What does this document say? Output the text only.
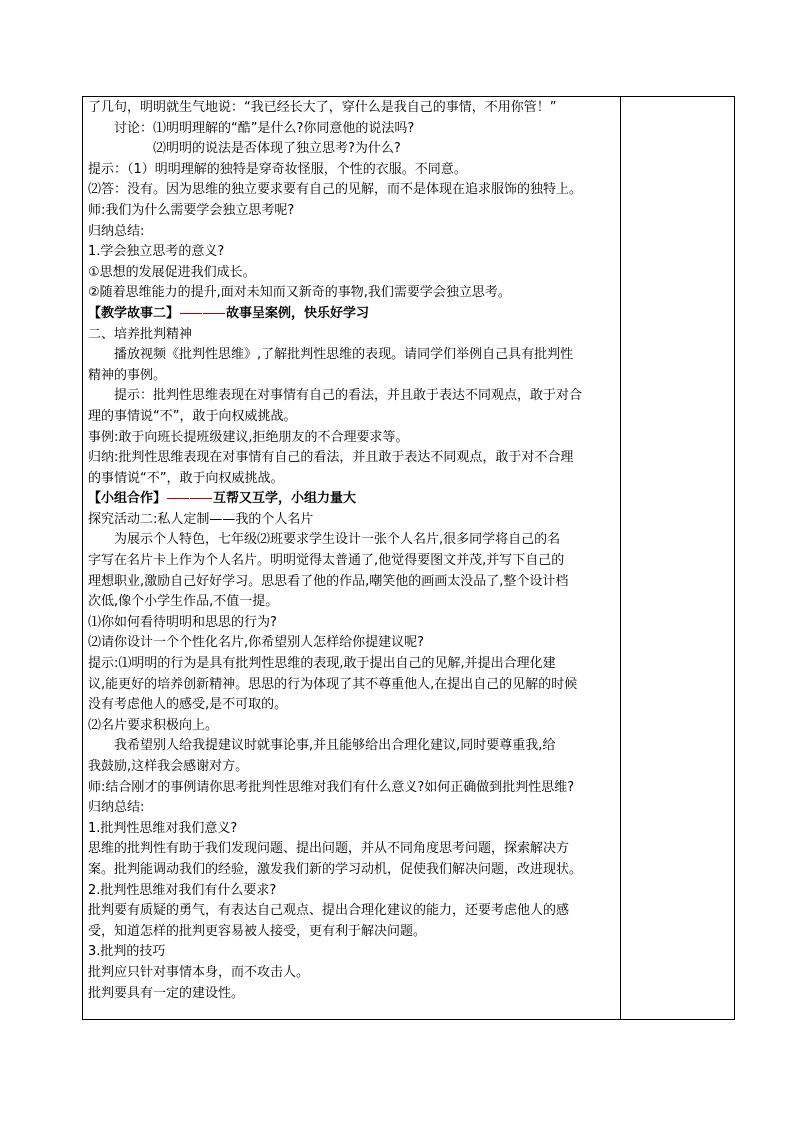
了几句，明明就生气地说：“我已经长大了，穿什么是我自己的事情，不用你管！”
讨论：⑴明明理解的“酷”是什么?你同意他的说法吗?
⑵明明的说法是否体现了独立思考?为什么?
提示：（1）明明理解的独特是穿奇妆怪服，个性的衣服。不同意。
⑵答：没有。因为思维的独立要求要有自己的见解，而不是体现在追求服饰的独特上。
师:我们为什么需要学会独立思考呢?
归纳总结:
1.学会独立思考的意义?
①思想的发展促进我们成长。
②随着思维能力的提升,面对未知而又新奇的事物,我们需要学会独立思考。
【教学故事二】	故事呈案例，快乐好学习
二、培养批判精神
播放视频《批判性思维》,了解批判性思维的表现。请同学们举例自己具有批判性
精神的事例。
提示：批判性思维表现在对事情有自己的看法，并且敢于表达不同观点，敢于对合
理的事情说“不”，敢于向权威挑战。
事例:敢于向班长提班级建议,拒绝朋友的不合理要求等。
归纳:批判性思维表现在对事情有自己的看法，并且敢于表达不同观点，敢于对不合理
的事情说“不”，敢于向权威挑战。
【小组合作】	互帮又互学，小组力量大
探究活动二:私人定制——我的个人名片
为展示个人特色，七年级⑵班要求学生设计一张个人名片,很多同学将自己的名
字写在名片卡上作为个人名片。明明觉得太普通了,他觉得要图文并茂,并写下自己的
理想职业,激励自己好好学习。思思看了他的作品,嘲笑他的画画太没品了,整个设计档
次低,像个小学生作品,不值一提。
⑴你如何看待明明和思思的行为?
⑵请你设计一个个性化名片,你希望别人怎样给你提建议呢?
提示:⑴明明的行为是具有批判性思维的表现,敢于提出自己的见解,并提出合理化建
议,能更好的培养创新精神。思思的行为体现了其不尊重他人,在提出自己的见解的时候
没有考虑他人的感受,是不可取的。
⑵名片要求积极向上。
我希望别人给我提建议时就事论事,并且能够给出合理化建议,同时要尊重我,给
我鼓励,这样我会感谢对方。
师:结合刚才的事例请你思考批判性思维对我们有什么意义?如何正确做到批判性思维?
归纳总结:
1.批判性思维对我们意义?
思维的批判性有助于我们发现问题、提出问题，并从不同角度思考问题，探索解决方
案。批判能调动我们的经验，激发我们新的学习动机，促使我们解决问题，改进现状。
2.批判性思维对我们有什么要求?
批判要有质疑的勇气，有表达自己观点、提出合理化建议的能力，还要考虑他人的感
受，知道怎样的批判更容易被人接受，更有利于解决问题。
3.批判的技巧
批判应只针对事情本身，而不攻击人。
批判要具有一定的建设性。
